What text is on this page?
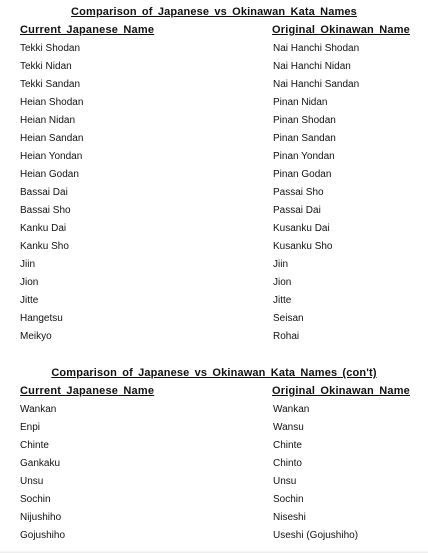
Comparison of Japanese vs Okinawan Kata Names
Current Japanese Name	Original Okinawan Name
Tekki Shodan	Nai Hanchi Shodan
Tekki Nidan	Nai Hanchi Nidan
Tekki Sandan	Nai Hanchi Sandan
Heian Shodan	Pinan Nidan
Heian Nidan	Pinan Shodan
Heian Sandan	Pinan Sandan
Heian Yondan	Pinan Yondan
Heian Godan	Pinan Godan
Bassai Dai	Passai Sho
Bassai Sho	Passai Dai
Kanku Dai	Kusanku Dai
Kanku Sho	Kusanku Sho
Jiin	Jiin
Jion	Jion
Jitte	Jitte
Hangetsu	Seisan
Meikyo	Rohai
Comparison of Japanese vs Okinawan Kata Names (con't)
Current Japanese Name	Original Okinawan Name
Wankan	Wankan
Enpi	Wansu
Chinte	Chinte
Gankaku	Chinto
Unsu	Unsu
Sochin	Sochin
Nijushiho	Niseshi
Gojushiho	Useshi (Gojushiho)
